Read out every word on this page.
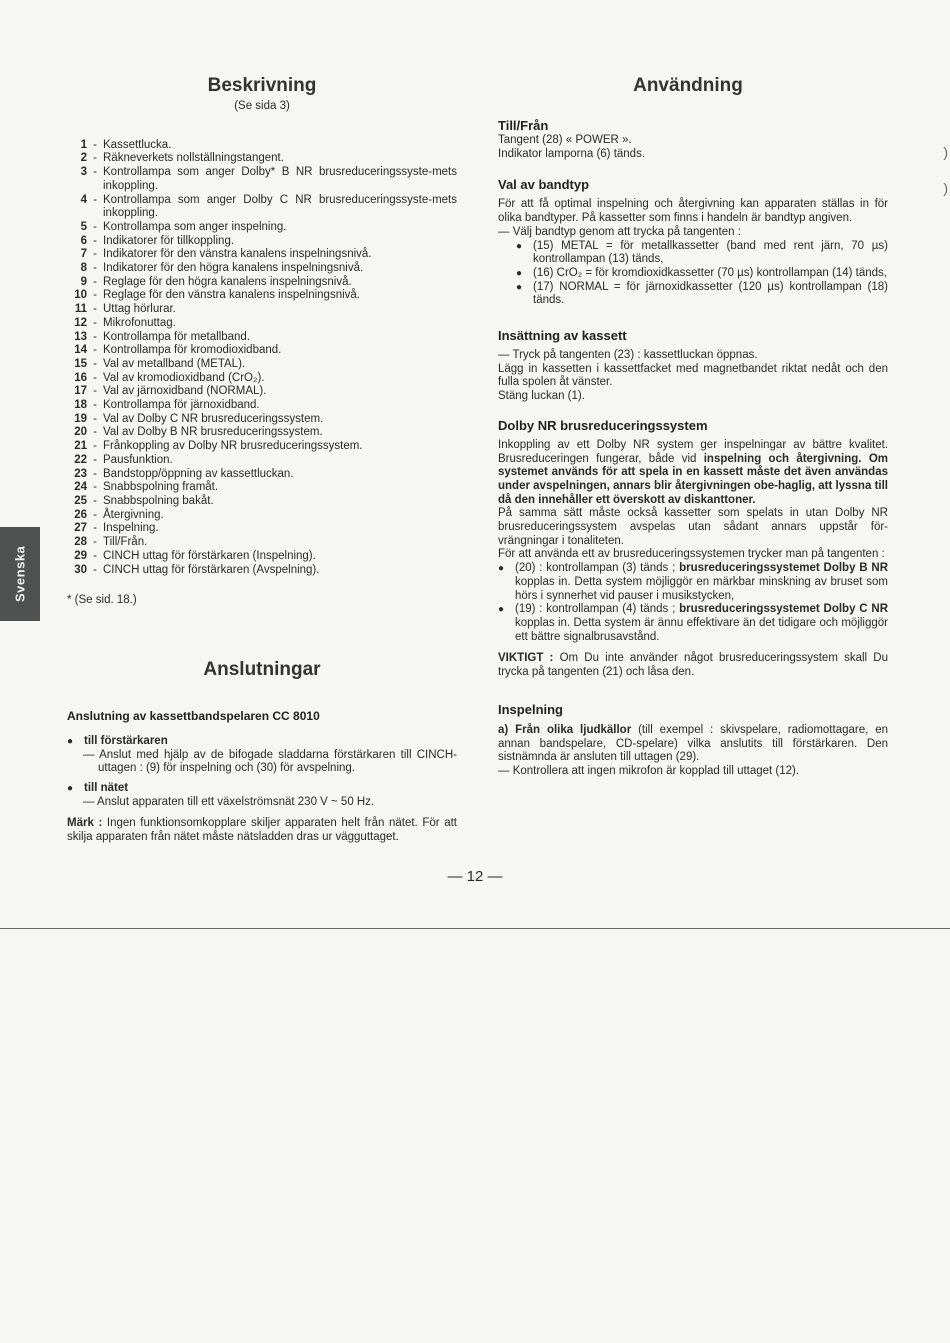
Svenska
Beskrivning
(Se sida 3)
1 - Kassettlucka.
2 - Räkneverkets nollställningstangent.
3 - Kontrollampa som anger Dolby* B NR brusreduceringssyste-mets inkoppling.
4 - Kontrollampa som anger Dolby C NR brusreduceringssyste-mets inkoppling.
5 - Kontrollampa som anger inspelning.
6 - Indikatorer för tillkoppling.
7 - Indikatorer för den vänstra kanalens inspelningsnivå.
8 - Indikatorer för den högra kanalens inspelningsnivå.
9 - Reglage för den högra kanalens inspelningsnivå.
10 - Reglage för den vänstra kanalens inspelningsnivå.
11 - Uttag hörlurar.
12 - Mikrofonuttag.
13 - Kontrollampa för metallband.
14 - Kontrollampa för kromodioxidband.
15 - Val av metallband (METAL).
16 - Val av kromodioxidband (CrO₂).
17 - Val av järnoxidband (NORMAL).
18 - Kontrollampa för järnoxidband.
19 - Val av Dolby C NR brusreduceringssystem.
20 - Val av Dolby B NR brusreduceringssystem.
21 - Frånkoppling av Dolby NR brusreduceringssystem.
22 - Pausfunktion.
23 - Bandstopp/öppning av kassettluckan.
24 - Snabbspolning framåt.
25 - Snabbspolning bakåt.
26 - Återgivning.
27 - Inspelning.
28 - Till/Från.
29 - CINCH uttag för förstärkaren (Inspelning).
30 - CINCH uttag för förstärkaren (Avspelning).

* (Se sid. 18.)

Anslutningar
Anslutning av kassettbandspelaren CC 8010
● till förstärkaren

— Anslut med hjälp av de bifogade sladdarna förstärkaren till CINCH-uttagen : (9) för inspelning och (30) för avspelning.

● till nätet

— Anslut apparaten till ett växelströmsnät 230 V ~ 50 Hz.

Märk : Ingen funktionsomkopplare skiljer apparaten helt från nätet. För att skilja apparaten från nätet måste nätsladden dras ur vägguttaget.

Användning
Till/Från

Tangent (28) « POWER ».

Indikator lamporna (6) tänds.

Val av bandtyp

För att få optimal inspelning och återgivning kan apparaten ställas in för olika bandtyper. På kassetter som finns i handeln är bandtyp angiven.

— Välj bandtyp genom att trycka på tangenten :

● (15) METAL = för metallkassetter (band med rent järn, 70 µs) kontrollampan (13) tänds,

● (16) CrO₂ = för kromdioxidkassetter (70 µs) kontrollampan (14) tänds,

● (17) NORMAL = för järnoxidkassetter (120 µs) kontrollampan (18) tänds.

Insättning av kassett

— Tryck på tangenten (23) : kassettluckan öppnas.

Lägg in kassetten i kassettfacket med magnetbandet riktat nedåt och den fulla spolen åt vänster.

Stäng luckan (1).

Dolby NR brusreduceringssystem

Inkoppling av ett Dolby NR system ger inspelningar av bättre kvalitet. Brusreduceringen fungerar, både vid inspelning och återgivning. Om systemet används för att spela in en kassett måste det även användas under avspelningen, annars blir återgivningen obe-haglig, att lyssna till då den innehåller ett överskott av diskanttoner.

På samma sätt måste också kassetter som spelats in utan Dolby NR brusreduceringssystem avspelas utan sådant annars uppstår för-vrängningar i tonaliteten.

För att använda ett av brusreduceringssystemen trycker man på tangenten :

● (20) : kontrollampan (3) tänds ; brusreduceringssystemet Dolby B NR kopplas in. Detta system möjliggör en märkbar minskning av bruset som hörs i synnerhet vid pauser i musikstycken,

● (19) : kontrollampan (4) tänds ; brusreduceringssystemet Dolby C NR kopplas in. Detta system är ännu effektivare än det tidigare och möjliggör ett bättre signalbrusavstånd.

VIKTIGT : Om Du inte använder något brusreduceringssystem skall Du trycka på tangenten (21) och låsa den.

Inspelning

a) Från olika ljudkällor (till exempel : skivspelare, radiomottagare, en annan bandspelare, CD-spelare) vilka anslutits till förstärkaren. Den sistnämnda är ansluten till uttagen (29).

— Kontrollera att ingen mikrofon är kopplad till uttaget (12).

— 12 —
)
)
